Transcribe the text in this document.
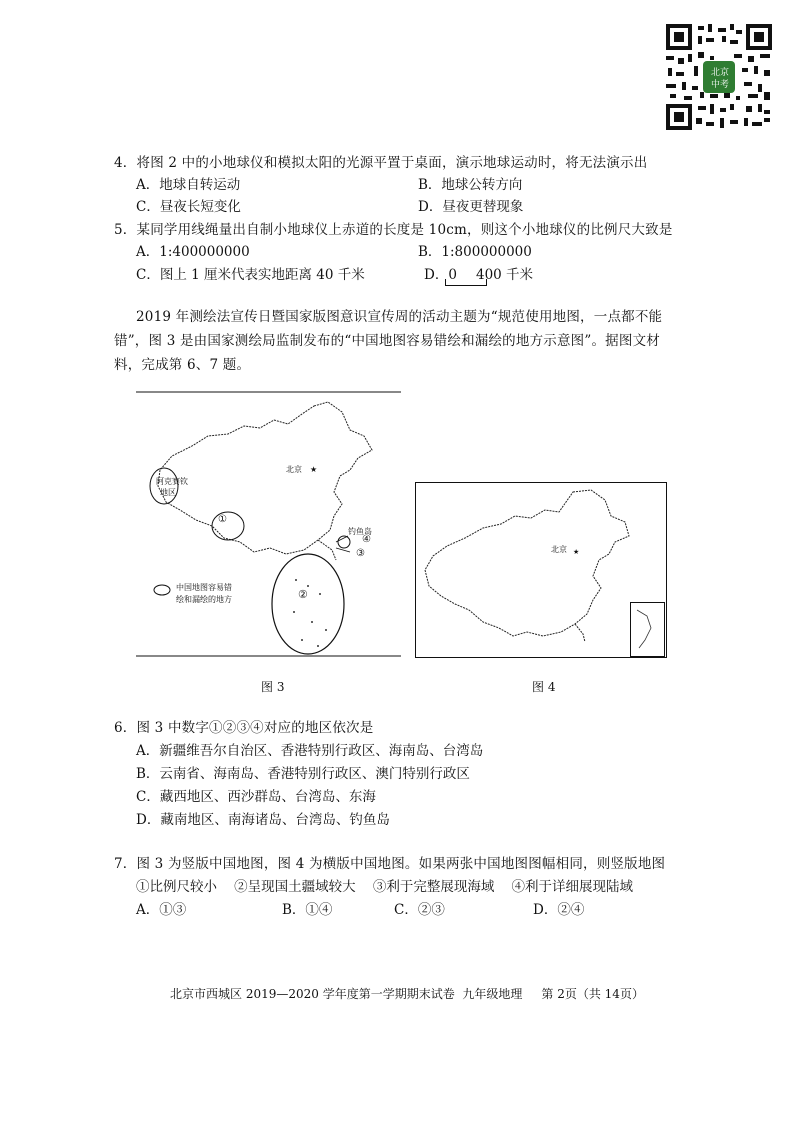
北京
中考
4．将图 2 中的小地球仪和模拟太阳的光源平置于桌面，演示地球运动时，将无法演示出
A．地球自转运动	B．地球公转方向
C．昼夜长短变化	D．昼夜更替现象
5．某同学用线绳量出自制小地球仪上赤道的长度是 10cm，则这个小地球仪的比例尺大致是
A．1:400000000	B．1:800000000
C．图上 1 厘米代表实地距离 40 千米	D．0 400 千米
2019 年测绘法宣传日暨国家版图意识宣传周的活动主题为“规范使用地图，一点都不能
错”，图 3 是由国家测绘局监制发布的“中国地图容易错绘和漏绘的地方示意图”。据图文材
料，完成第 6、7 题。
★
阿克赛钦
地区
北京
钓鱼岛
①
②
④
③
中国地图容易错
绘和漏绘的地方
图 3
★
北京
图 4
6．图 3 中数字①②③④对应的地区依次是
A．新疆维吾尔自治区、香港特别行政区、海南岛、台湾岛
B．云南省、海南岛、香港特别行政区、澳门特别行政区
C．藏西地区、西沙群岛、台湾岛、东海
D．藏南地区、南海诸岛、台湾岛、钓鱼岛
7．图 3 为竖版中国地图，图 4 为横版中国地图。如果两张中国地图图幅相同，则竖版地图
①比例尺较小    ②呈现国土疆域较大    ③利于完整展现海域    ④利于详细展现陆域
A．①③	B．①④	C．②③	D．②④
北京市西城区 2019—2020 学年度第一学期期末试卷  九年级地理     第 2页（共 14页）
